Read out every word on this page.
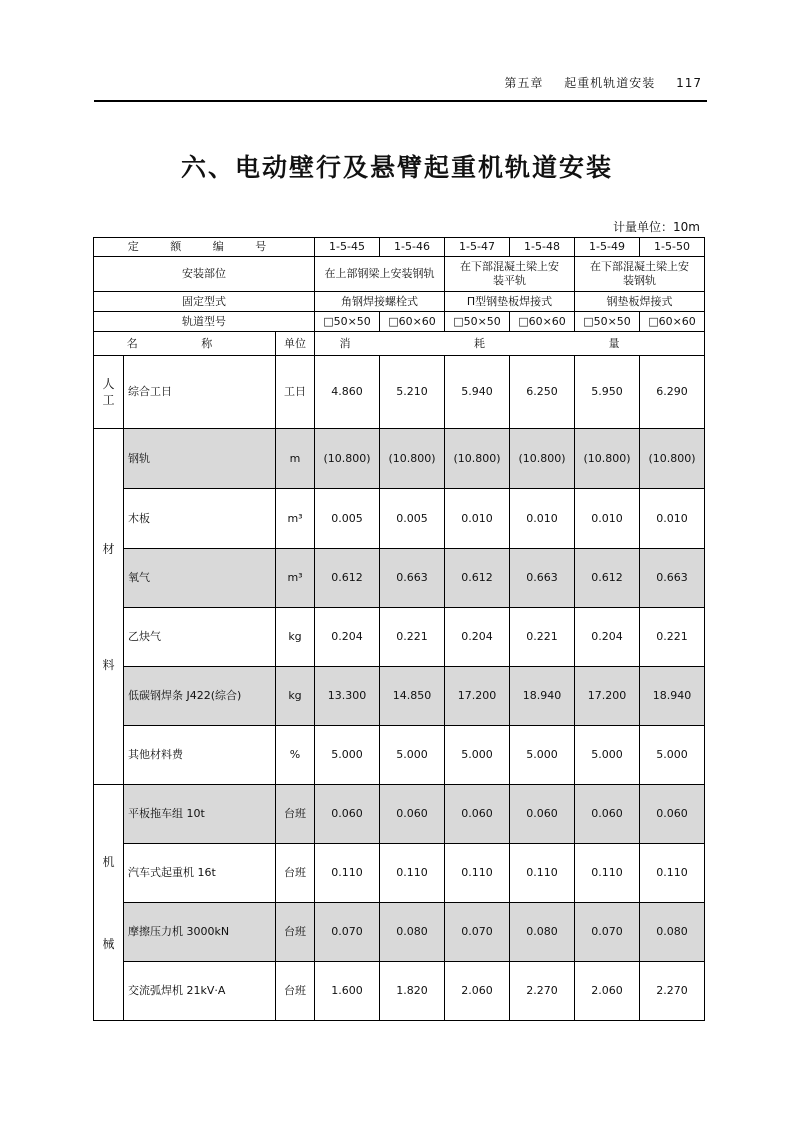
第五章 起重机轨道安装 117
六、电动壁行及悬臂起重机轨道安装
计量单位：10m
定 额 编 号			1-5-45	1-5-46	1-5-47	1-5-48	1-5-49	1-5-50
安装部位			在上部钢梁上安装钢轨		在下部混凝土梁上安装平轨		在下部混凝土梁上安装钢轨	
固定型式			角钢焊接螺栓式		Π型钢垫板焊接式		钢垫板焊接式	
轨道型号			□50×50	□60×60	□50×50	□60×60	□50×50	□60×60
名 称		单位	消 耗 量					

人
工	综合工日	工日	4.860	5.210	5.940	6.250	5.950	6.290

材
料	钢轨	m	(10.800)	(10.800)	(10.800)	(10.800)	(10.800)	(10.800)
	木板	m³	0.005	0.005	0.010	0.010	0.010	0.010
	氧气	m³	0.612	0.663	0.612	0.663	0.612	0.663
	乙炔气	kg	0.204	0.221	0.204	0.221	0.204	0.221
	低碳钢焊条 J422(综合)	kg	13.300	14.850	17.200	18.940	17.200	18.940
	其他材料费	%	5.000	5.000	5.000	5.000	5.000	5.000

机
械	平板拖车组 10t	台班	0.060	0.060	0.060	0.060	0.060	0.060
	汽车式起重机 16t	台班	0.110	0.110	0.110	0.110	0.110	0.110
	摩擦压力机 3000kN	台班	0.070	0.080	0.070	0.080	0.070	0.080
	交流弧焊机 21kV·A	台班	1.600	1.820	2.060	2.270	2.060	2.270
